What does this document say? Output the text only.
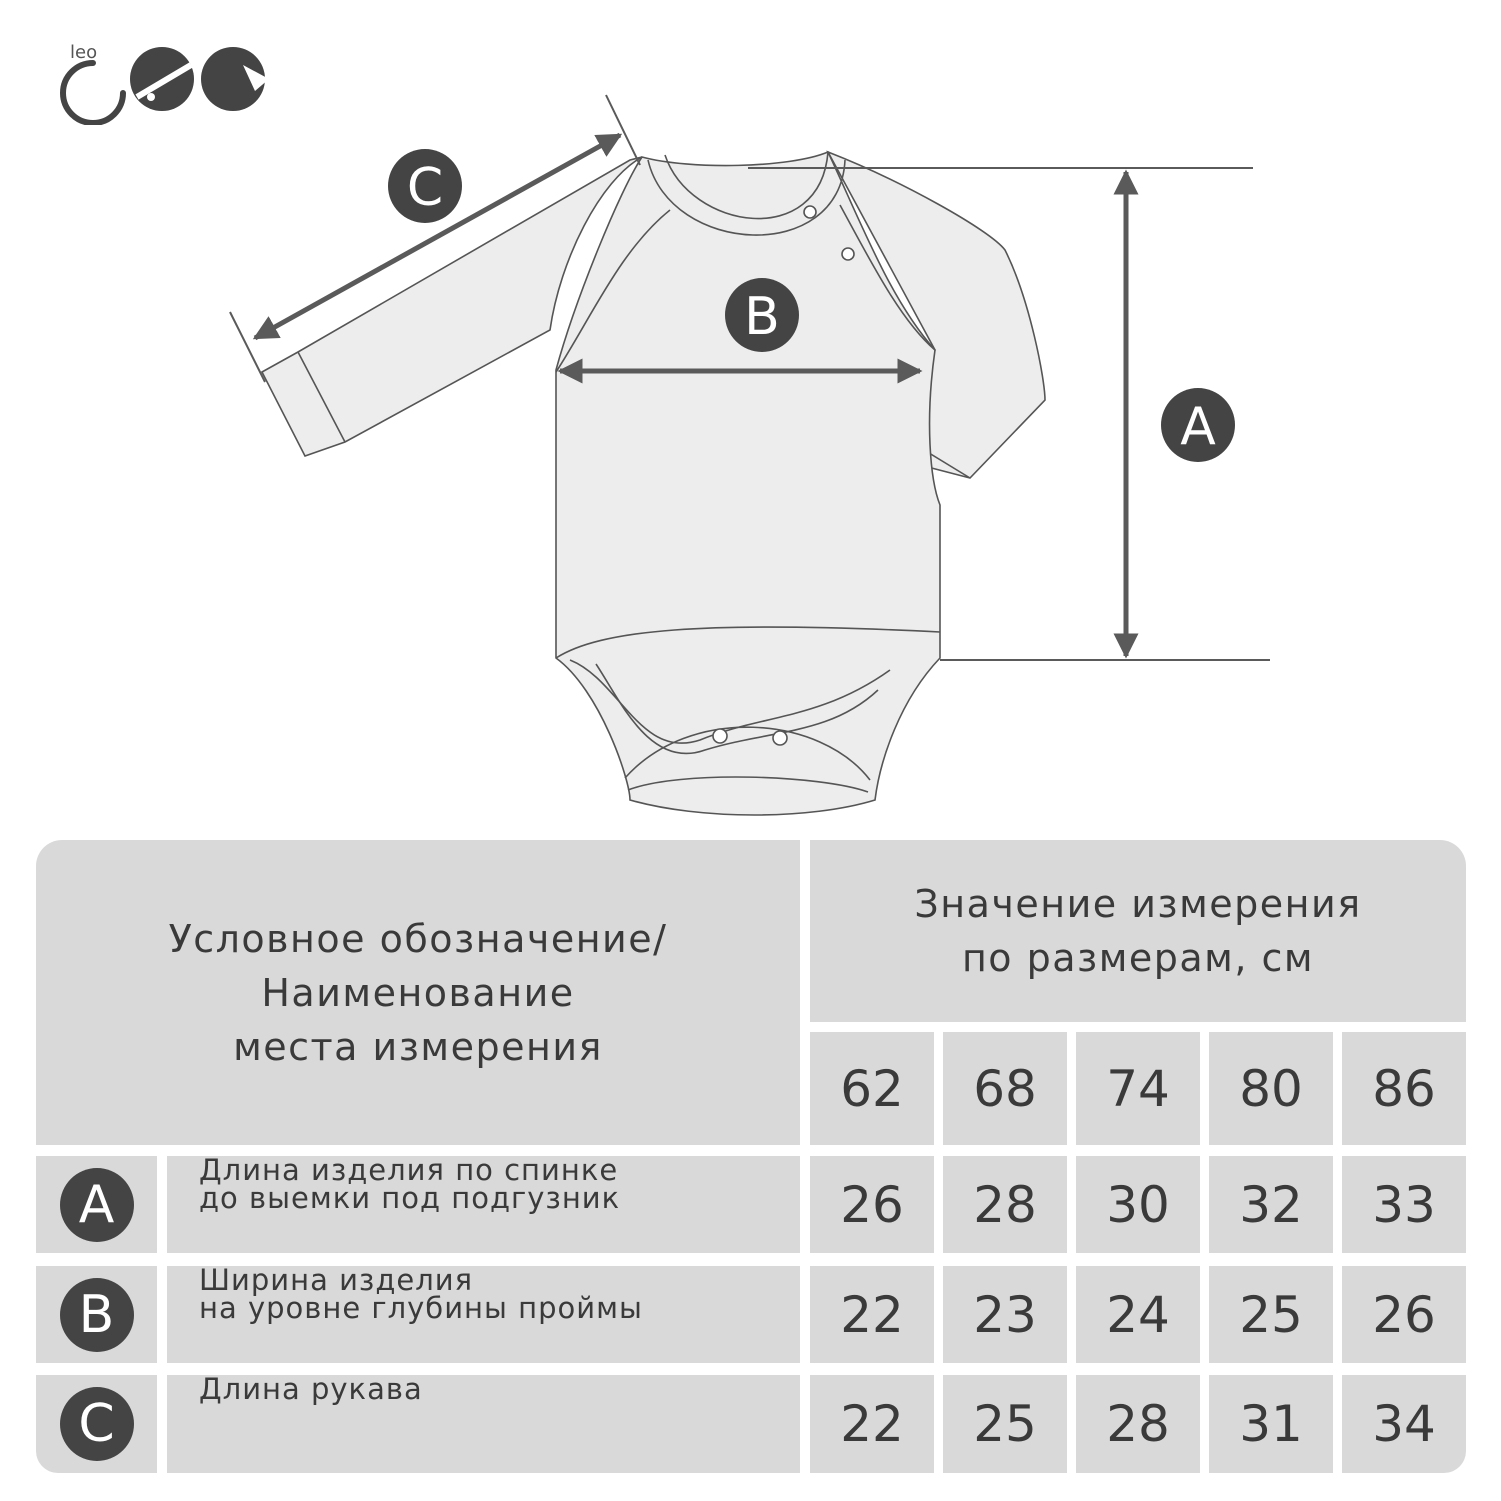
leo
C
B
A
Условное обозначение/
Наименование
места измерения
Значение измерения
по размерам, см
62	68	74	80	86
A
Длина изделия по спинке
до выемки под подгузник	26	28	30	32	33
B
Ширина изделия
на уровне глубины проймы	22	23	24	25	26
C
Длина рукава
22	25	28	31	34
